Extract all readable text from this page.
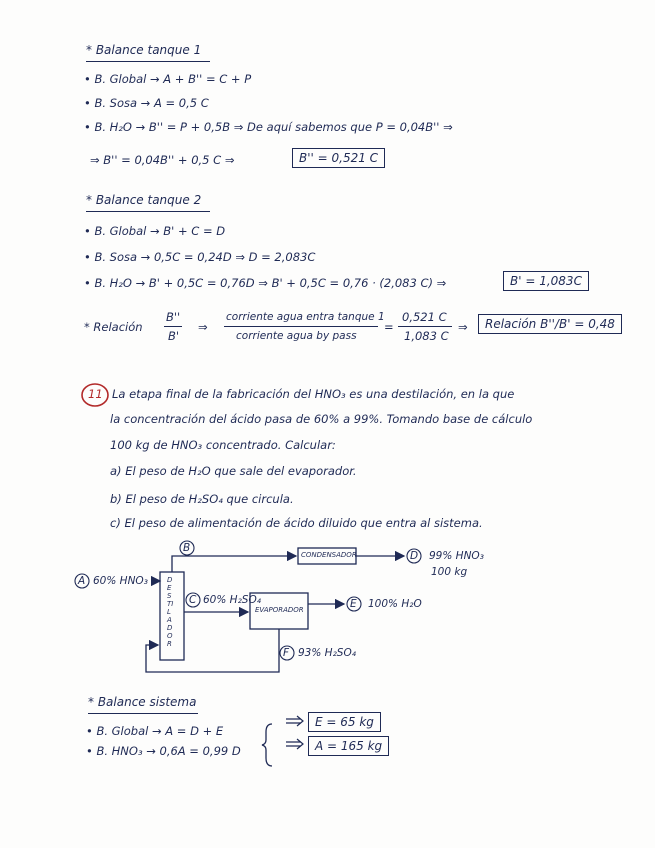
* Balance tanque 1
• B. Global → A + B'' = C + P
• B. Sosa → A = 0,5 C
• B. H₂O → B'' = P + 0,5B ⇒ De aquí sabemos que P = 0,04B'' ⇒
⇒ B'' = 0,04B'' + 0,5 C ⇒	B'' = 0,521 C
* Balance tanque 2
• B. Global → B' + C = D
• B. Sosa → 0,5C = 0,24D ⇒ D = 2,083C
• B. H₂O → B' + 0,5C = 0,76D ⇒ B' + 0,5C = 0,76 · (2,083 C) ⇒	B' = 1,083C
* Relación
B''
B'
⇒
corriente agua entra tanque 1
corriente agua by pass
=
0,521 C
1,083 C
⇒	Relación B''/B' = 0,48
11 La etapa final de la fabricación del HNO₃ es una destilación, en la que
la concentración del ácido pasa de 60% a 99%. Tomando base de cálculo
100 kg de HNO₃ concentrado. Calcular:
a) El peso de H₂O que sale del evaporador.
b) El peso de H₂SO₄ que circula.
c) El peso de alimentación de ácido diluido que entra al sistema.
A 60% HNO₃
B
C 60% H₂SO₄
D 99% HNO₃
100 kg
E 100% H₂O
F 93% H₂SO₄
CONDENSADOR
EVAPORADOR
DESTILADOR
* Balance sistema
• B. Global → A = D + E
• B. HNO₃ → 0,6A = 0,99 D
E = 65 kg
A = 165 kg
